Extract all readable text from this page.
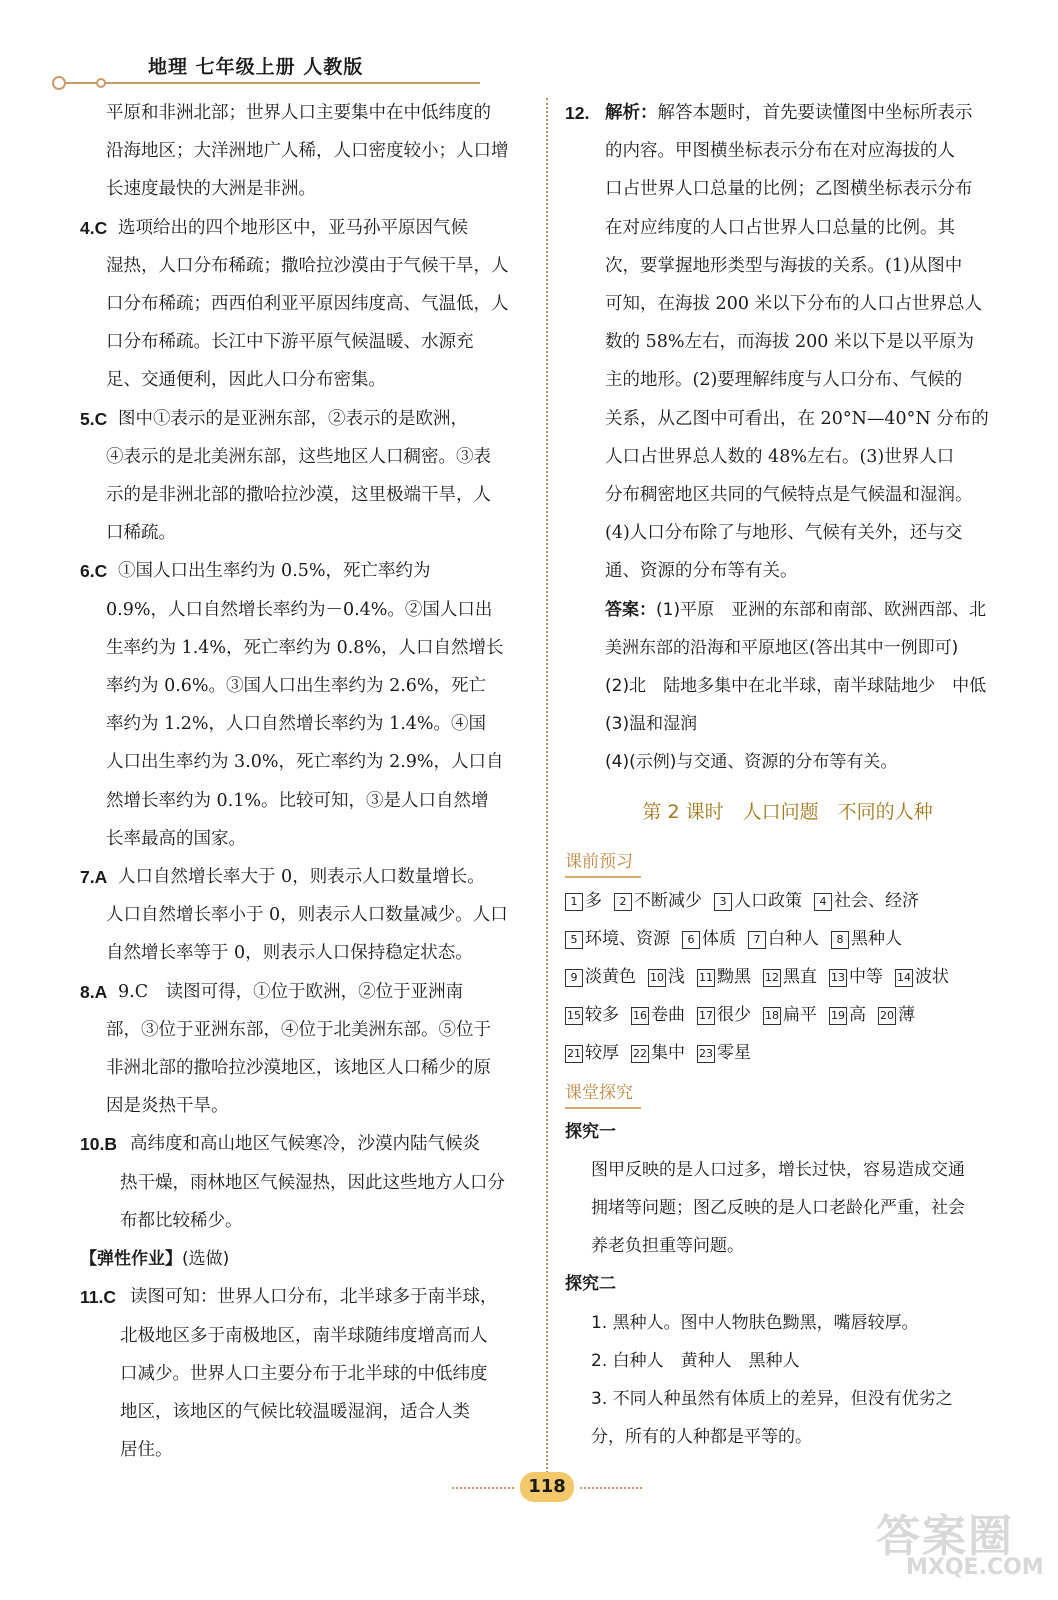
地理 七年级上册 人教版

平原和非洲北部；世界人口主要集中在中低纬度的

沿海地区；大洋洲地广人稀，人口密度较小；人口增

长速度最快的大洲是非洲。

4.C 选项给出的四个地形区中，亚马孙平原因气候

湿热，人口分布稀疏；撒哈拉沙漠由于气候干旱，人

口分布稀疏；西西伯利亚平原因纬度高、气温低，人

口分布稀疏。长江中下游平原气候温暖、水源充

足、交通便利，因此人口分布密集。

5.C 图中①表示的是亚洲东部，②表示的是欧洲，

④表示的是北美洲东部，这些地区人口稠密。③表

示的是非洲北部的撒哈拉沙漠，这里极端干旱，人

口稀疏。

6.C ①国人口出生率约为 0.5%，死亡率约为

0.9%，人口自然增长率约为－0.4%。②国人口出

生率约为 1.4%，死亡率约为 0.8%，人口自然增长

率约为 0.6%。③国人口出生率约为 2.6%，死亡

率约为 1.2%，人口自然增长率约为 1.4%。④国

人口出生率约为 3.0%，死亡率约为 2.9%，人口自

然增长率约为 0.1%。比较可知，③是人口自然增

长率最高的国家。

7.A 人口自然增长率大于 0，则表示人口数量增长。

人口自然增长率小于 0，则表示人口数量减少。人口

自然增长率等于 0，则表示人口保持稳定状态。

8.A 9.C　读图可得，①位于欧洲，②位于亚洲南

部，③位于亚洲东部，④位于北美洲东部。⑤位于

非洲北部的撒哈拉沙漠地区，该地区人口稀少的原

因是炎热干旱。

10.B 高纬度和高山地区气候寒冷，沙漠内陆气候炎

热干燥，雨林地区气候湿热，因此这些地方人口分

布都比较稀少。

【弹性作业】(选做)

11.C 读图可知：世界人口分布，北半球多于南半球，

北极地区多于南极地区，南半球随纬度增高而人

口减少。世界人口主要分布于北半球的中低纬度

地区，该地区的气候比较温暖湿润，适合人类

居住。

12. 解析：解答本题时，首先要读懂图中坐标所表示

的内容。甲图横坐标表示分布在对应海拔的人

口占世界人口总量的比例；乙图横坐标表示分布

在对应纬度的人口占世界人口总量的比例。其

次，要掌握地形类型与海拔的关系。(1)从图中

可知，在海拔 200 米以下分布的人口占世界总人

数的 58%左右，而海拔 200 米以下是以平原为

主的地形。(2)要理解纬度与人口分布、气候的

关系，从乙图中可看出，在 20°N—40°N 分布的

人口占世界总人数的 48%左右。(3)世界人口

分布稠密地区共同的气候特点是气候温和湿润。

(4)人口分布除了与地形、气候有关外，还与交

通、资源的分布等有关。

答案：(1)平原　亚洲的东部和南部、欧洲西部、北

美洲东部的沿海和平原地区(答出其中一例即可)

(2)北　陆地多集中在北半球，南半球陆地少　中低

(3)温和湿润

(4)(示例)与交通、资源的分布等有关。

第 2 课时　人口问题　不同的人种

课前预习
1 多	2 不断减少	3 人口政策	4 社会、经济
5 环境、资源	6 体质	7 白种人	8 黑种人
9 淡黄色 10 浅 11 黝黑 12 黑直 13 中等 14 波状
15 较多 16 卷曲 17 很少 18 扁平 19 高 20 薄
21 较厚 22 集中 23 零星
课堂探究

探究一

图甲反映的是人口过多，增长过快，容易造成交通

拥堵等问题；图乙反映的是人口老龄化严重，社会

养老负担重等问题。

探究二

1. 黑种人。图中人物肤色黝黑，嘴唇较厚。

2. 白种人　黄种人　黑种人

3. 不同人种虽然有体质上的差异，但没有优劣之

分，所有的人种都是平等的。

118
答案圈
MXQE.COM
